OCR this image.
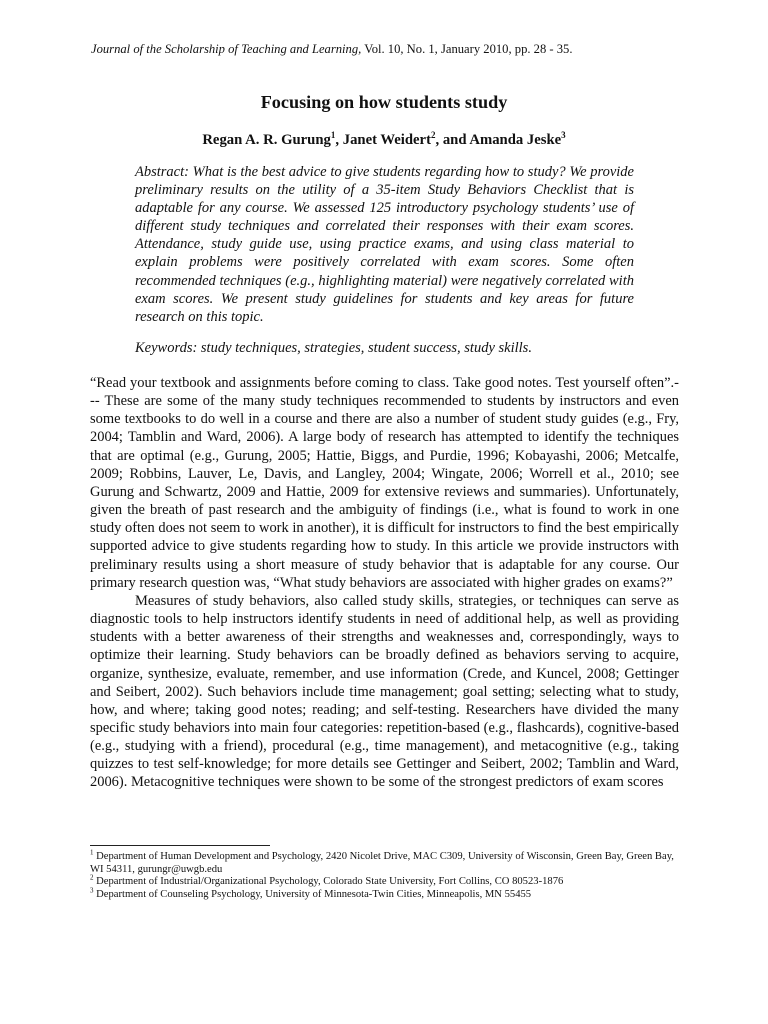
Journal of the Scholarship of Teaching and Learning, Vol. 10, No. 1, January 2010, pp. 28 - 35.
Focusing on how students study
Regan A. R. Gurung$^1$, Janet Weidert$^2$, and Amanda Jeske$^3$
Abstract: What is the best advice to give students regarding how to study? We provide preliminary results on the utility of a 35-item Study Behaviors Checklist that is adaptable for any course. We assessed 125 introductory psychology students’ use of different study techniques and correlated their responses with their exam scores. Attendance, study guide use, using practice exams, and using class material to explain problems were positively correlated with exam scores. Some often recommended techniques (e.g., highlighting material) were negatively correlated with exam scores. We present study guidelines for students and key areas for future research on this topic.
Keywords: study techniques, strategies, student success, study skills.

“Read your textbook and assignments before coming to class. Take good notes. Test yourself often”.--- These are some of the many study techniques recommended to students by instructors and even some textbooks to do well in a course and there are also a number of student study guides (e.g., Fry, 2004; Tamblin and Ward, 2006). A large body of research has attempted to identify the techniques that are optimal (e.g., Gurung, 2005; Hattie, Biggs, and Purdie, 1996; Kobayashi, 2006; Metcalfe, 2009; Robbins, Lauver, Le, Davis, and Langley, 2004; Wingate, 2006; Worrell et al., 2010; see Gurung and Schwartz, 2009 and Hattie, 2009 for extensive reviews and summaries). Unfortunately, given the breath of past research and the ambiguity of findings (i.e., what is found to work in one study often does not seem to work in another), it is difficult for instructors to find the best empirically supported advice to give students regarding how to study. In this article we provide instructors with preliminary results using a short measure of study behavior that is adaptable for any course. Our primary research question was, “What study behaviors are associated with higher grades on exams?”

Measures of study behaviors, also called study skills, strategies, or techniques can serve as diagnostic tools to help instructors identify students in need of additional help, as well as providing students with a better awareness of their strengths and weaknesses and, correspondingly, ways to optimize their learning. Study behaviors can be broadly defined as behaviors serving to acquire, organize, synthesize, evaluate, remember, and use information (Crede, and Kuncel, 2008; Gettinger and Seibert, 2002). Such behaviors include time management; goal setting; selecting what to study, how, and where; taking good notes; reading; and self-testing. Researchers have divided the many specific study behaviors into main four categories: repetition-based (e.g., flashcards), cognitive-based (e.g., studying with a friend), procedural (e.g., time management), and metacognitive (e.g., taking quizzes to test self-knowledge; for more details see Gettinger and Seibert, 2002; Tamblin and Ward, 2006). Metacognitive techniques were shown to be some of the strongest predictors of exam scores

$^1$ Department of Human Development and Psychology, 2420 Nicolet Drive, MAC C309, University of Wisconsin, Green Bay, Green Bay, WI 54311, gurungr@uwgb.edu

$^2$ Department of Industrial/Organizational Psychology, Colorado State University, Fort Collins, CO 80523-1876

$^3$ Department of Counseling Psychology, University of Minnesota-Twin Cities, Minneapolis, MN 55455
